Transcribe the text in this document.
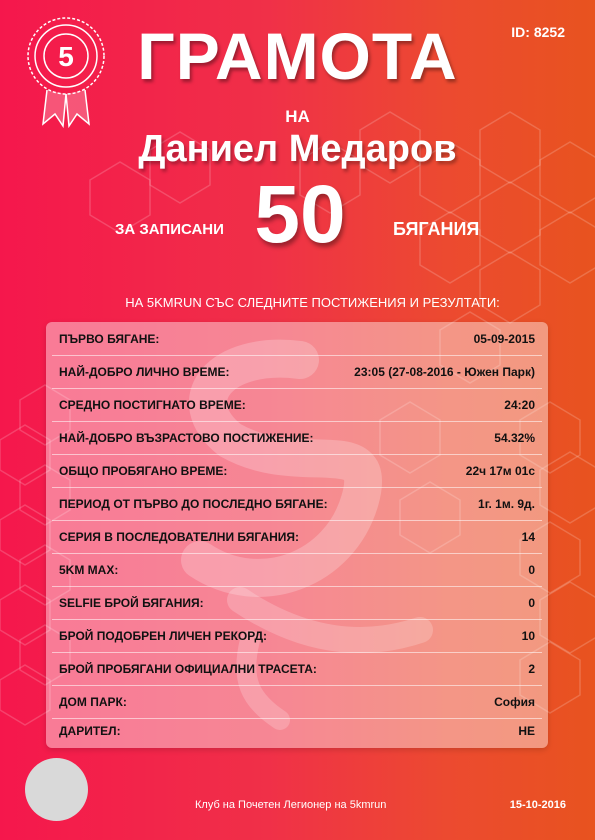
5 ГРАМОТА	ID: 8252
НА
Даниел Медаров
ЗА ЗАПИСАНИ 50	БЯГАНИЯ
НА 5KMRUN СЪС СЛЕДНИТЕ ПОСТИЖЕНИЯ И РЕЗУЛТАТИ:
ПЪРВО БЯГАНЕ:	05-09-2015
НАЙ-ДОБРО ЛИЧНО ВРЕМЕ:	23:05 (27-08-2016 - Южен Парк)
СРЕДНО ПОСТИГНАТО ВРЕМЕ:	24:20
НАЙ-ДОБРО ВЪЗРАСТОВО ПОСТИЖЕНИЕ:	54.32%
ОБЩО ПРОБЯГАНО ВРЕМЕ:	22ч 17м 01с
ПЕРИОД ОТ ПЪРВО ДО ПОСЛЕДНО БЯГАНЕ:	1г. 1м. 9д.
СЕРИЯ В ПОСЛЕДОВАТЕЛНИ БЯГАНИЯ:	14
5KM MAX:	0
SELFIE БРОЙ БЯГАНИЯ:	0
БРОЙ ПОДОБРЕН ЛИЧЕН РЕКОРД:	10
БРОЙ ПРОБЯГАНИ ОФИЦИАЛНИ ТРАСЕТА:	2
ДОМ ПАРК:	София
ДАРИТЕЛ:	НЕ
Клуб на Почетен Легионер на 5kmrun	15-10-2016
